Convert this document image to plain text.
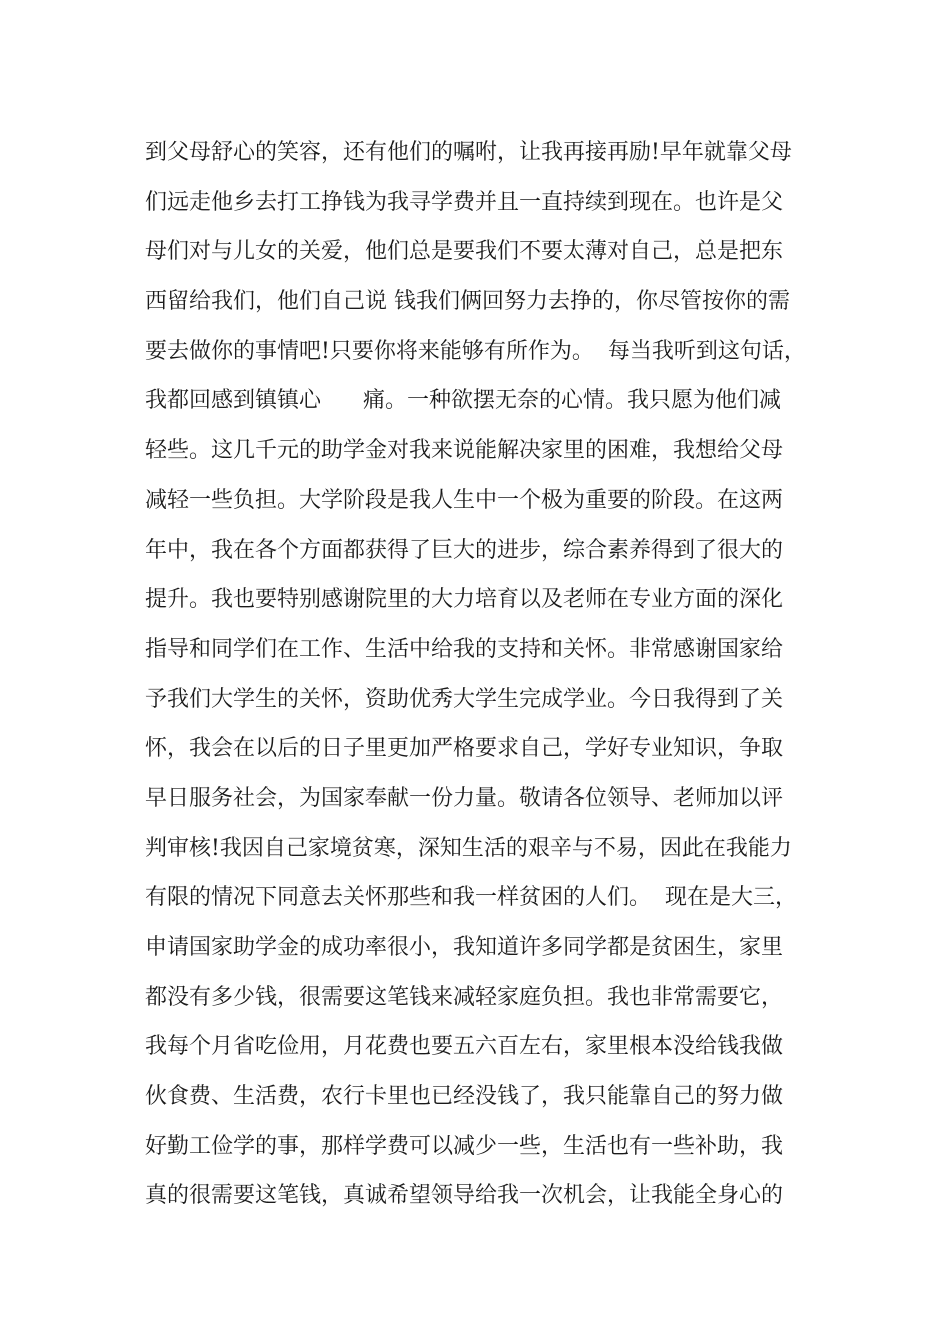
到父母舒心的笑容，还有他们的嘱咐，让我再接再励!早年就靠父母
们远走他乡去打工挣钱为我寻学费并且一直持续到现在。也许是父
母们对与儿女的关爱，他们总是要我们不要太薄对自己，总是把东
西留给我们，他们自己说 钱我们俩回努力去挣的，你尽管按你的需
要去做你的事情吧!只要你将来能够有所作为。  每当我听到这句话，
我都回感到镇镇心      痛。一种欲摆无奈的心情。我只愿为他们减
轻些。这几千元的助学金对我来说能解决家里的困难，我想给父母
减轻一些负担。大学阶段是我人生中一个极为重要的阶段。在这两
年中，我在各个方面都获得了巨大的进步，综合素养得到了很大的
提升。我也要特别感谢院里的大力培育以及老师在专业方面的深化
指导和同学们在工作、生活中给我的支持和关怀。非常感谢国家给
予我们大学生的关怀，资助优秀大学生完成学业。今日我得到了关
怀，我会在以后的日子里更加严格要求自己，学好专业知识，争取
早日服务社会，为国家奉献一份力量。敬请各位领导、老师加以评
判审核!我因自己家境贫寒，深知生活的艰辛与不易，因此在我能力
有限的情况下同意去关怀那些和我一样贫困的人们。  现在是大三，
申请国家助学金的成功率很小，我知道许多同学都是贫困生，家里
都没有多少钱，很需要这笔钱来减轻家庭负担。我也非常需要它，
我每个月省吃俭用，月花费也要五六百左右，家里根本没给钱我做
伙食费、生活费，农行卡里也已经没钱了，我只能靠自己的努力做
好勤工俭学的事，那样学费可以减少一些，生活也有一些补助，我
真的很需要这笔钱，真诚希望领导给我一次机会，让我能全身心的
